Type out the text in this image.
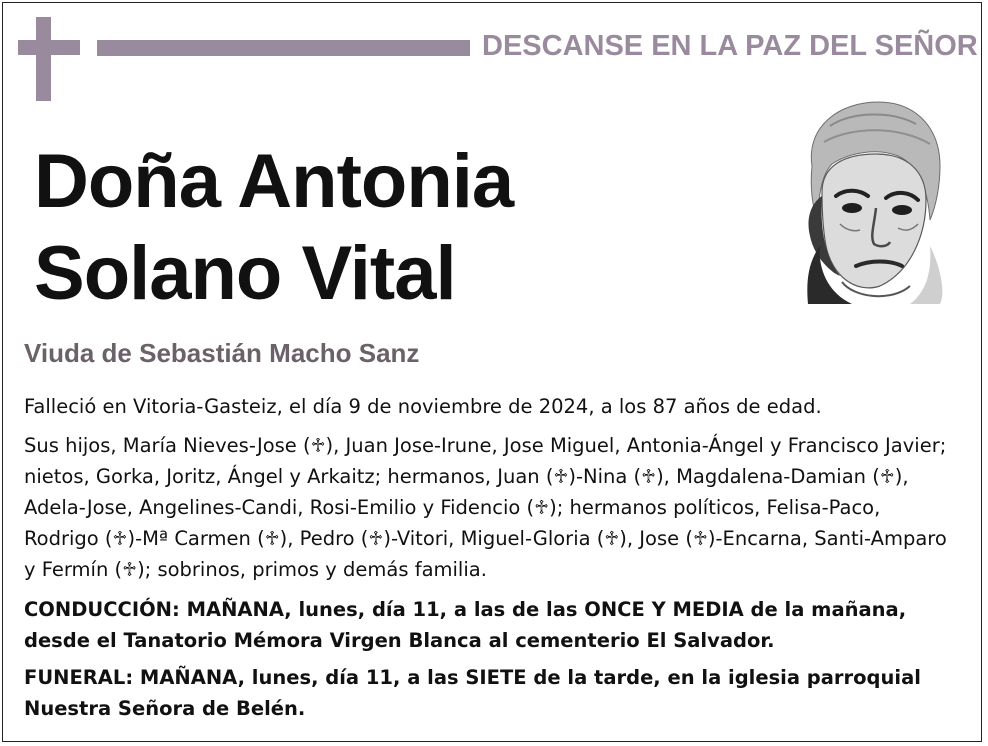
DESCANSE EN LA PAZ DEL SEÑOR
Doña Antonia
Solano Vital
Viuda de Sebastián Macho Sanz
Falleció en Vitoria-Gasteiz, el día 9 de noviembre de 2024, a los 87 años de edad.
Sus hijos, María Nieves-Jose (♱), Juan Jose-Irune, Jose Miguel, Antonia-Ángel y Francisco Javier; nietos, Gorka, Joritz, Ángel y Arkaitz; hermanos, Juan (♱)-Nina (♱), Magdalena-Damian (♱), Adela-Jose, Angelines-Candi, Rosi-Emilio y Fidencio (♱); hermanos políticos, Felisa-Paco, Rodrigo (♱)-Mª Carmen (♱), Pedro (♱)-Vitori, Miguel-Gloria (♱), Jose (♱)-Encarna, Santi-Amparo y Fermín (♱); sobrinos, primos y demás familia.
CONDUCCIÓN: MAÑANA, lunes, día 11, a las de las ONCE Y MEDIA de la mañana, desde el Tanatorio Mémora Virgen Blanca al cementerio El Salvador.
FUNERAL: MAÑANA, lunes, día 11, a las SIETE de la tarde, en la iglesia parroquial Nuestra Señora de Belén.
